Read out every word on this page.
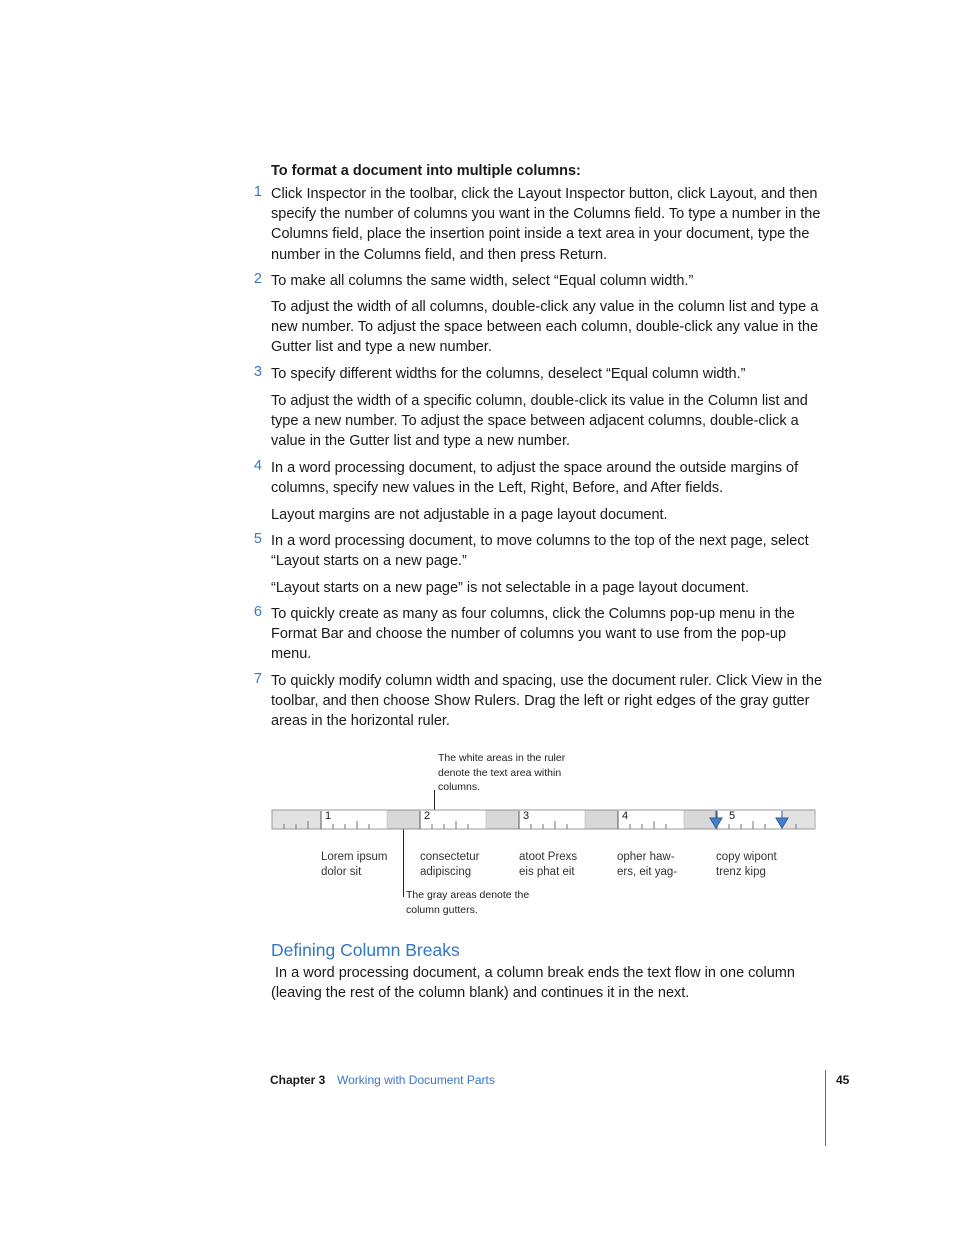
To format a document into multiple columns:
1 Click Inspector in the toolbar, click the Layout Inspector button, click Layout, and then specify the number of columns you want in the Columns field. To type a number in the Columns field, place the insertion point inside a text area in your document, type the number in the Columns field, and then press Return.
2 To make all columns the same width, select “Equal column width.”
To adjust the width of all columns, double-click any value in the column list and type a new number. To adjust the space between each column, double-click any value in the Gutter list and type a new number.
3 To specify different widths for the columns, deselect “Equal column width.”
To adjust the width of a specific column, double-click its value in the Column list and type a new number. To adjust the space between adjacent columns, double-click a value in the Gutter list and type a new number.
4 In a word processing document, to adjust the space around the outside margins of columns, specify new values in the Left, Right, Before, and After fields.
Layout margins are not adjustable in a page layout document.
5 In a word processing document, to move columns to the top of the next page, select “Layout starts on a new page.”
“Layout starts on a new page” is not selectable in a page layout document.
6 To quickly create as many as four columns, click the Columns pop-up menu in the Format Bar and choose the number of columns you want to use from the pop-up menu.
7 To quickly modify column width and spacing, use the document ruler. Click View in the toolbar, and then choose Show Rulers. Drag the left or right edges of the gray gutter areas in the horizontal ruler.
The white areas in the ruler denote the text area within columns.
The gray areas denote the column gutters.
1	2	3	4	5
Lorem ipsum
dolor sit
consectetur
adipiscing
atoot Prexs
eis phat eit
opher haw-
ers, eit yag-
copy wipont
trenz kipg
Defining Column Breaks
In a word processing document, a column break ends the text flow in one column (leaving the rest of the column blank) and continues it in the next.
Chapter 3 Working with Document Parts	45
